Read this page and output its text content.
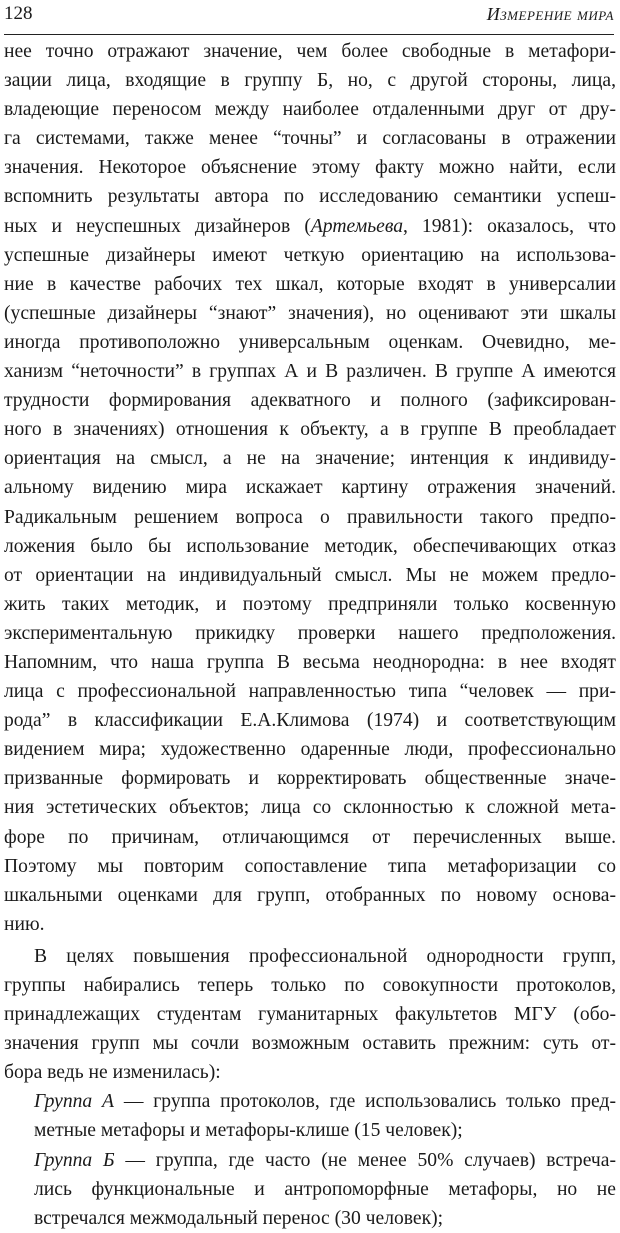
128	Измерение мира
нее точно отражают значение, чем более свободные в метафори-
зации лица, входящие в группу Б, но, с другой стороны, лица,
владеющие переносом между наиболее отдаленными друг от дру-
га системами, также менее “точны” и согласованы в отражении
значения. Некоторое объяснение этому факту можно найти, если
вспомнить результаты автора по исследованию семантики успеш-
ных и неуспешных дизайнеров (Артемьева, 1981): оказалось, что
успешные дизайнеры имеют четкую ориентацию на использова-
ние в качестве рабочих тех шкал, которые входят в универсалии
(успешные дизайнеры “знают” значения), но оценивают эти шкалы
иногда противоположно универсальным оценкам. Очевидно, ме-
ханизм “неточности” в группах А и В различен. В группе А имеются
трудности формирования адекватного и полного (зафиксирован-
ного в значениях) отношения к объекту, а в группе В преобладает
ориентация на смысл, а не на значение; интенция к индивиду-
альному видению мира искажает картину отражения значений.
Радикальным решением вопроса о правильности такого предпо-
ложения было бы использование методик, обеспечивающих отказ
от ориентации на индивидуальный смысл. Мы не можем предло-
жить таких методик, и поэтому предприняли только косвенную
экспериментальную прикидку проверки нашего предположения.
Напомним, что наша группа В весьма неоднородна: в нее входят
лица с профессиональной направленностью типа “человек — при-
рода” в классификации Е.А.Климова (1974) и соответствующим
видением мира; художественно одаренные люди, профессионально
призванные формировать и корректировать общественные значе-
ния эстетических объектов; лица со склонностью к сложной мета-
форе по причинам, отличающимся от перечисленных выше.
Поэтому мы повторим сопоставление типа метафоризации со
шкальными оценками для групп, отобранных по новому основа-
нию.
В целях повышения профессиональной однородности групп,
группы набирались теперь только по совокупности протоколов,
принадлежащих студентам гуманитарных факультетов МГУ (обо-
значения групп мы сочли возможным оставить прежним: суть от-
бора ведь не изменилась):
Группа А — группа протоколов, где использовались только пред-
метные метафоры и метафоры-клише (15 человек);
Группа Б — группа, где часто (не менее 50% случаев) встреча-
лись функциональные и антропоморфные метафоры, но не
встречался межмодальный перенос (30 человек);
